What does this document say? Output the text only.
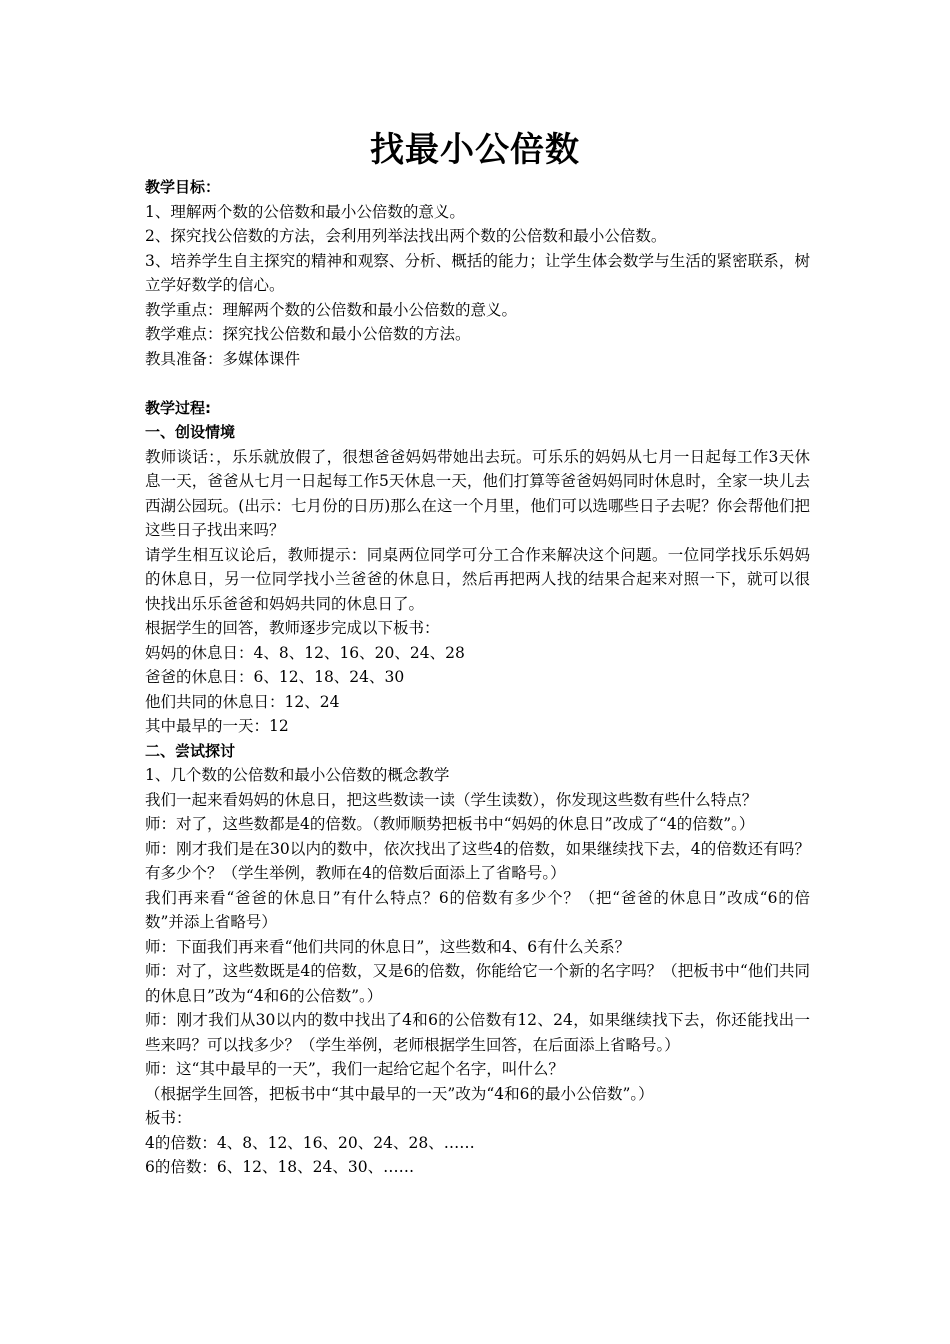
找最小公倍数

教学目标：

1、理解两个数的公倍数和最小公倍数的意义。

2、探究找公倍数的方法，会利用列举法找出两个数的公倍数和最小公倍数。

3、培养学生自主探究的精神和观察、分析、概括的能力；让学生体会数学与生活的紧密联系，树立学好数学的信心。

教学重点：理解两个数的公倍数和最小公倍数的意义。

教学难点：探究找公倍数和最小公倍数的方法。

教具准备：多媒体课件

教学过程:

一、创设情境

教师谈话：，乐乐就放假了，很想爸爸妈妈带她出去玩。可乐乐的妈妈从七月一日起每工作3天休息一天，爸爸从七月一日起每工作5天休息一天，他们打算等爸爸妈妈同时休息时，全家一块儿去西湖公园玩。(出示：七月份的日历)那么在这一个月里，他们可以选哪些日子去呢？你会帮他们把这些日子找出来吗？

请学生相互议论后，教师提示：同桌两位同学可分工合作来解决这个问题。一位同学找乐乐妈妈的休息日，另一位同学找小兰爸爸的休息日，然后再把两人找的结果合起来对照一下，就可以很快找出乐乐爸爸和妈妈共同的休息日了。

根据学生的回答，教师逐步完成以下板书：

妈妈的休息日：4、8、12、16、20、24、28

爸爸的休息日：6、12、18、24、30

他们共同的休息日：12、24

其中最早的一天：12

二、尝试探讨

1、几个数的公倍数和最小公倍数的概念教学

我们一起来看妈妈的休息日，把这些数读一读（学生读数），你发现这些数有些什么特点？

师：对了，这些数都是4的倍数。（教师顺势把板书中“妈妈的休息日”改成了“4的倍数”。）

师：刚才我们是在30以内的数中，依次找出了这些4的倍数，如果继续找下去，4的倍数还有吗？有多少个？（学生举例，教师在4的倍数后面添上了省略号。）

我们再来看“爸爸的休息日”有什么特点？6的倍数有多少个？（把“爸爸的休息日”改成“6的倍数”并添上省略号）

师：下面我们再来看“他们共同的休息日”，这些数和4、6有什么关系？

师：对了，这些数既是4的倍数，又是6的倍数，你能给它一个新的名字吗？（把板书中“他们共同的休息日”改为“4和6的公倍数”。）

师：刚才我们从30以内的数中找出了4和6的公倍数有12、24，如果继续找下去，你还能找出一些来吗？可以找多少？（学生举例，老师根据学生回答，在后面添上省略号。）

师：这“其中最早的一天”，我们一起给它起个名字，叫什么？

（根据学生回答，把板书中“其中最早的一天”改为“4和6的最小公倍数”。）

板书：

4的倍数：4、8、12、16、20、24、28、……

6的倍数：6、12、18、24、30、……
